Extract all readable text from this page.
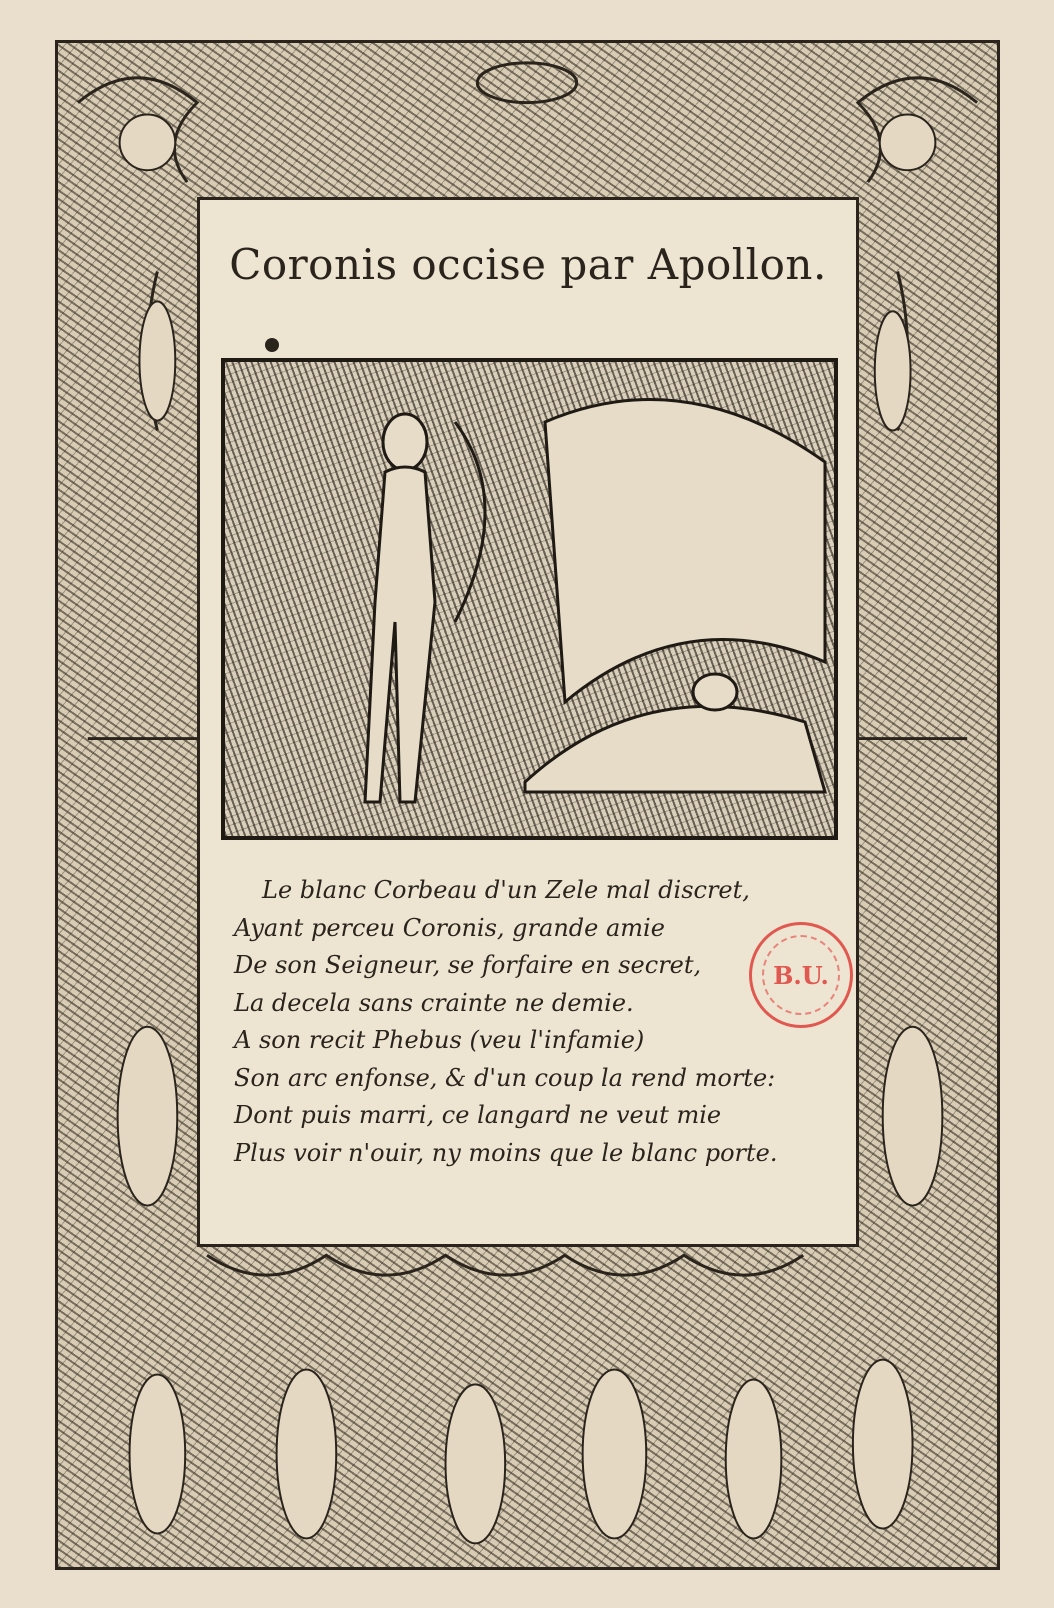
Coronis occise par Apollon.
Le blanc Corbeau d'un Zele mal discret,
Ayant perceu Coronis, grande amie
De son Seigneur, se forfaire en secret,
La decela sans crainte ne demie.
A son recit Phebus (veu l'infamie)
Son arc enfonse, & d'un coup la rend morte:
Dont puis marri, ce langard ne veut mie
Plus voir n'ouir, ny moins que le blanc porte.
B.U.
